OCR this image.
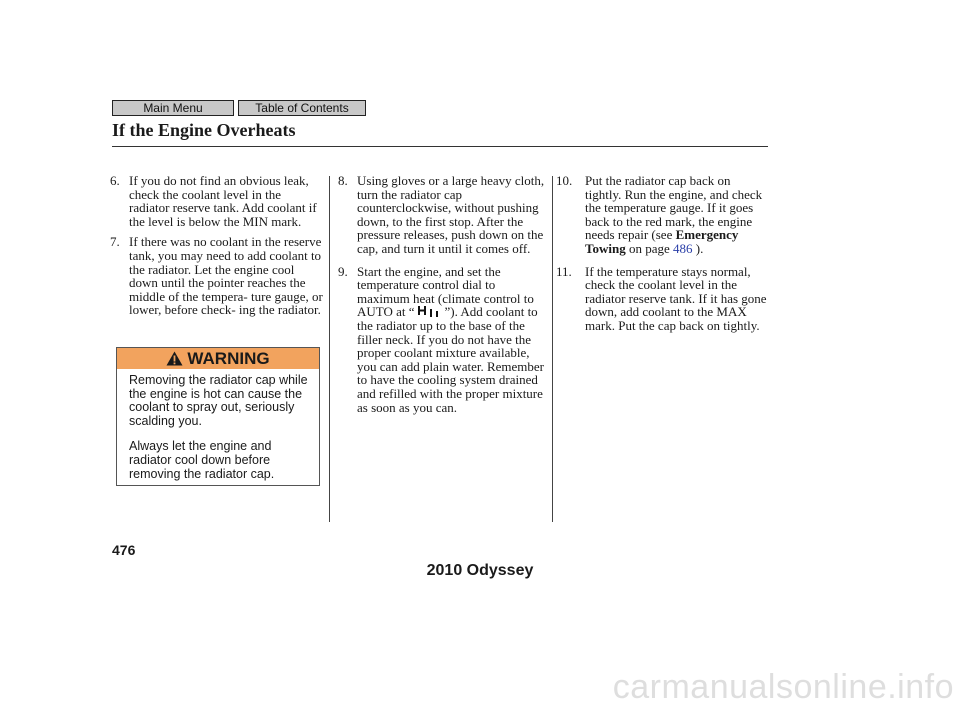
Main Menu	Table of Contents
If the Engine Overheats
6. If you do not find an obvious leak, check the coolant level in the radiator reserve tank. Add coolant if the level is below the MIN mark.
7. If there was no coolant in the reserve tank, you may need to add coolant to the radiator. Let the engine cool down until the pointer reaches the middle of the tempera- ture gauge, or lower, before check- ing the radiator.
WARNING

Removing the radiator cap while the engine is hot can cause the coolant to spray out, seriously scalding you.

Always let the engine and radiator cool down before removing the radiator cap.

8. Using gloves or a large heavy cloth, turn the radiator cap counterclockwise, without pushing down, to the first stop. After the pressure releases, push down on the cap, and turn it until it comes off.
9. Start the engine, and set the temperature control dial to maximum heat (climate control to AUTO at “ ”). Add coolant to the radiator up to the base of the filler neck. If you do not have the proper coolant mixture available, you can add plain water. Remember to have the cooling system drained and refilled with the proper mixture as soon as you can.
10. Put the radiator cap back on tightly. Run the engine, and check the temperature gauge. If it goes back to the red mark, the engine needs repair (see Emergency Towing on page 486 ).
11. If the temperature stays normal, check the coolant level in the radiator reserve tank. If it has gone down, add coolant to the MAX mark. Put the cap back on tightly.
476
2010 Odyssey
carmanualsonline.info
